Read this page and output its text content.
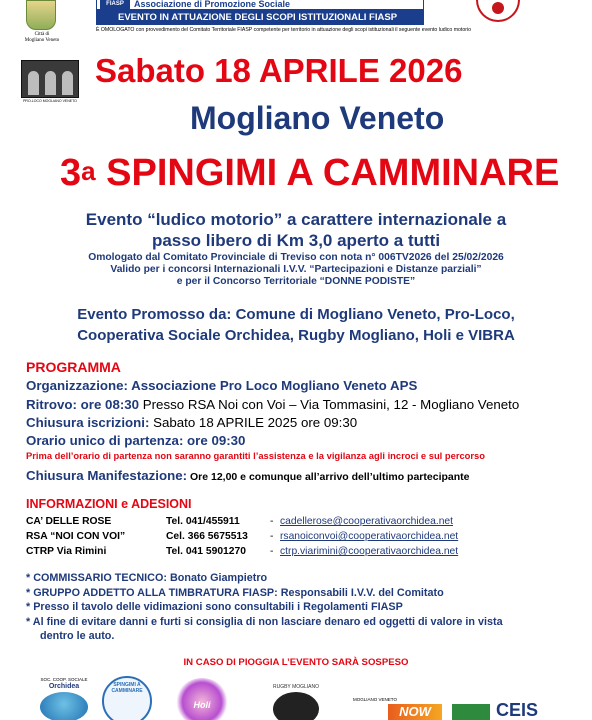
Città di
Mogliano Veneto
PRO-LOCO MOGLIANO VENETO
FIASP	Associazione di Promozione Sociale
EVENTO IN ATTUAZIONE DEGLI SCOPI ISTITUZIONALI FIASP
È OMOLOGATO con provvedimento del Comitato Territoriale FIASP competente per territorio in attuazione degli scopi istituzionali il seguente evento ludico motorio
Sabato 18 APRILE 2026
Mogliano Veneto
3$^a$ SPINGIMI A CAMMINARE
Evento “ludico motorio” a carattere internazionale a
passo libero di Km 3,0 aperto a tutti
Omologato dal Comitato Provinciale di Treviso con nota n° 006TV2026 del 25/02/2026
Valido per i concorsi Internazionali I.V.V. “Partecipazioni e Distanze parziali”
e per il Concorso Territoriale “DONNE PODISTE”
Evento Promosso da: Comune di Mogliano Veneto, Pro-Loco,
Cooperativa Sociale Orchidea, Rugby Mogliano, Holi e VIBRA
PROGRAMMA
Organizzazione: Associazione Pro Loco Mogliano Veneto APS
Ritrovo: ore 08:30 Presso RSA Noi con Voi – Via Tommasini, 12 - Mogliano Veneto
Chiusura iscrizioni: Sabato 18 APRILE 2025 ore 09:30
Orario unico di partenza: ore 09:30
Prima dell’orario di partenza non saranno garantiti l’assistenza e la vigilanza agli incroci e sul percorso
Chiusura Manifestazione: Ore 12,00 e comunque all’arrivo dell’ultimo partecipante
INFORMAZIONI e ADESIONI
CA’ DELLE ROSE	Tel. 041/455911	- cadellerose@cooperativaorchidea.net
RSA “NOI CON VOI”	Cel. 366 5675513 - rsanoiconvoi@cooperativaorchidea.net
CTRP Via Rimini	Tel. 041 5901270 - ctrp.viarimini@cooperativaorchidea.net
* COMMISSARIO TECNICO: Bonato Giampietro
* GRUPPO ADDETTO ALLA TIMBRATURA FIASP: Responsabili I.V.V. del Comitato
* Presso il tavolo delle vidimazioni sono consultabili i Regolamenti FIASP
* Al fine di evitare danni e furti si consiglia di non lasciare denaro ed oggetti di valore in vista
dentro le auto.
IN CASO DI PIOGGIA L’EVENTO SARÀ SOSPESO
SOC. COOP. SOCIALE
Orchidea	SPINGIMI A CAMMINARE
Holi
RUGBY MOGLIANO
MOGLIANO VENETO
NOW	CEIS
